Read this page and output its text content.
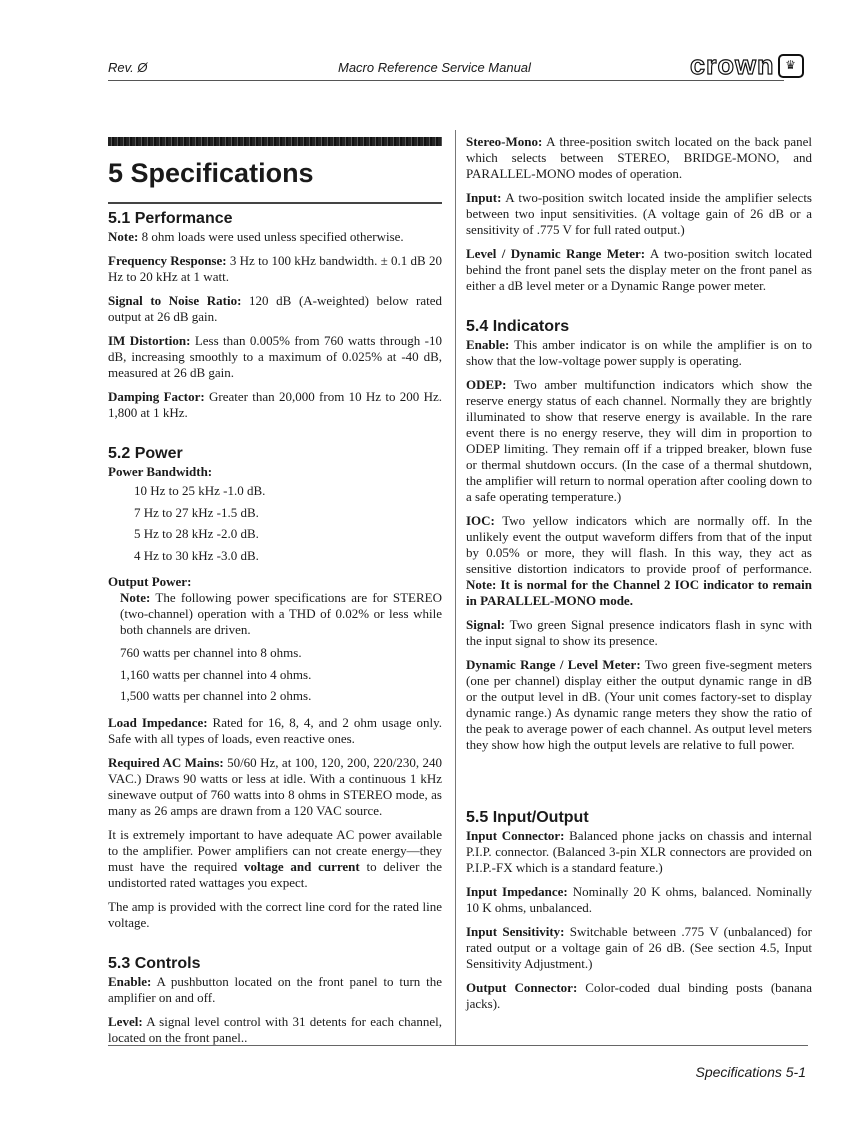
Rev. Ø	Macro Reference Service Manual	crown ♛
5 Specifications
5.1 Performance

Note: 8 ohm loads were used unless specified otherwise.

Frequency Response: 3 Hz to 100 kHz bandwidth. ± 0.1 dB 20 Hz to 20 kHz at 1 watt.

Signal to Noise Ratio: 120 dB (A-weighted) below rated output at 26 dB gain.

IM Distortion: Less than 0.005% from 760 watts through -10 dB, increasing smoothly to a maximum of 0.025% at -40 dB, measured at 26 dB gain.

Damping Factor: Greater than 20,000 from 10 Hz to 200 Hz. 1,800 at 1 kHz.

5.2 Power
Power Bandwidth:
10 Hz to 25 kHz -1.0 dB.
7 Hz to 27 kHz -1.5 dB.
5 Hz to 28 kHz -2.0 dB.
4 Hz to 30 kHz -3.0 dB.
Output Power:
Note: The following power specifications are for STEREO (two-channel) operation with a THD of 0.02% or less while both channels are driven.
760 watts per channel into 8 ohms.
1,160 watts per channel into 4 ohms.
1,500 watts per channel into 2 ohms.

Load Impedance: Rated for 16, 8, 4, and 2 ohm usage only. Safe with all types of loads, even reactive ones.

Required AC Mains: 50/60 Hz, at 100, 120, 200, 220/230, 240 VAC.) Draws 90 watts or less at idle. With a continuous 1 kHz sinewave output of 760 watts into 8 ohms in STEREO mode, as many as 26 amps are drawn from a 120 VAC source.

It is extremely important to have adequate AC power available to the amplifier. Power amplifiers can not create energy—they must have the required voltage and current to deliver the undistorted rated wattages you expect.

The amp is provided with the correct line cord for the rated line voltage.

5.3 Controls

Enable: A pushbutton located on the front panel to turn the amplifier on and off.

Level: A signal level control with 31 detents for each channel, located on the front panel..

Stereo-Mono: A three-position switch located on the back panel which selects between STEREO, BRIDGE-MONO, and PARALLEL-MONO modes of operation.

Input: A two-position switch located inside the amplifier selects between two input sensitivities. (A voltage gain of 26 dB or a sensitivity of .775 V for full rated output.)

Level / Dynamic Range Meter: A two-position switch located behind the front panel sets the display meter on the front panel as either a dB level meter or a Dynamic Range power meter.

5.4 Indicators

Enable: This amber indicator is on while the amplifier is on to show that the low-voltage power supply is operating.

ODEP: Two amber multifunction indicators which show the reserve energy status of each channel. Normally they are brightly illuminated to show that reserve energy is available. In the rare event there is no energy reserve, they will dim in proportion to ODEP limiting. They remain off if a tripped breaker, blown fuse or thermal shutdown occurs. (In the case of a thermal shutdown, the amplifier will return to normal operation after cooling down to a safe operating temperature.)

IOC: Two yellow indicators which are normally off. In the unlikely event the output waveform differs from that of the input by 0.05% or more, they will flash. In this way, they act as sensitive distortion indicators to provide proof of performance. Note: It is normal for the Channel 2 IOC indicator to remain in PARALLEL-MONO mode.

Signal: Two green Signal presence indicators flash in sync with the input signal to show its presence.

Dynamic Range / Level Meter: Two green five-segment meters (one per channel) display either the output dynamic range in dB or the output level in dB. (Your unit comes factory-set to display dynamic range.) As dynamic range meters they show the ratio of the peak to average power of each channel. As output level meters they show how high the output levels are relative to full power.

5.5 Input/Output

Input Connector: Balanced phone jacks on chassis and internal P.I.P. connector. (Balanced 3-pin XLR connectors are provided on P.I.P.-FX which is a standard feature.)

Input Impedance: Nominally 20 K ohms, balanced. Nominally 10 K ohms, unbalanced.

Input Sensitivity: Switchable between .775 V (unbalanced) for rated output or a voltage gain of 26 dB. (See section 4.5, Input Sensitivity Adjustment.)

Output Connector: Color-coded dual binding posts (banana jacks).

Specifications 5-1
